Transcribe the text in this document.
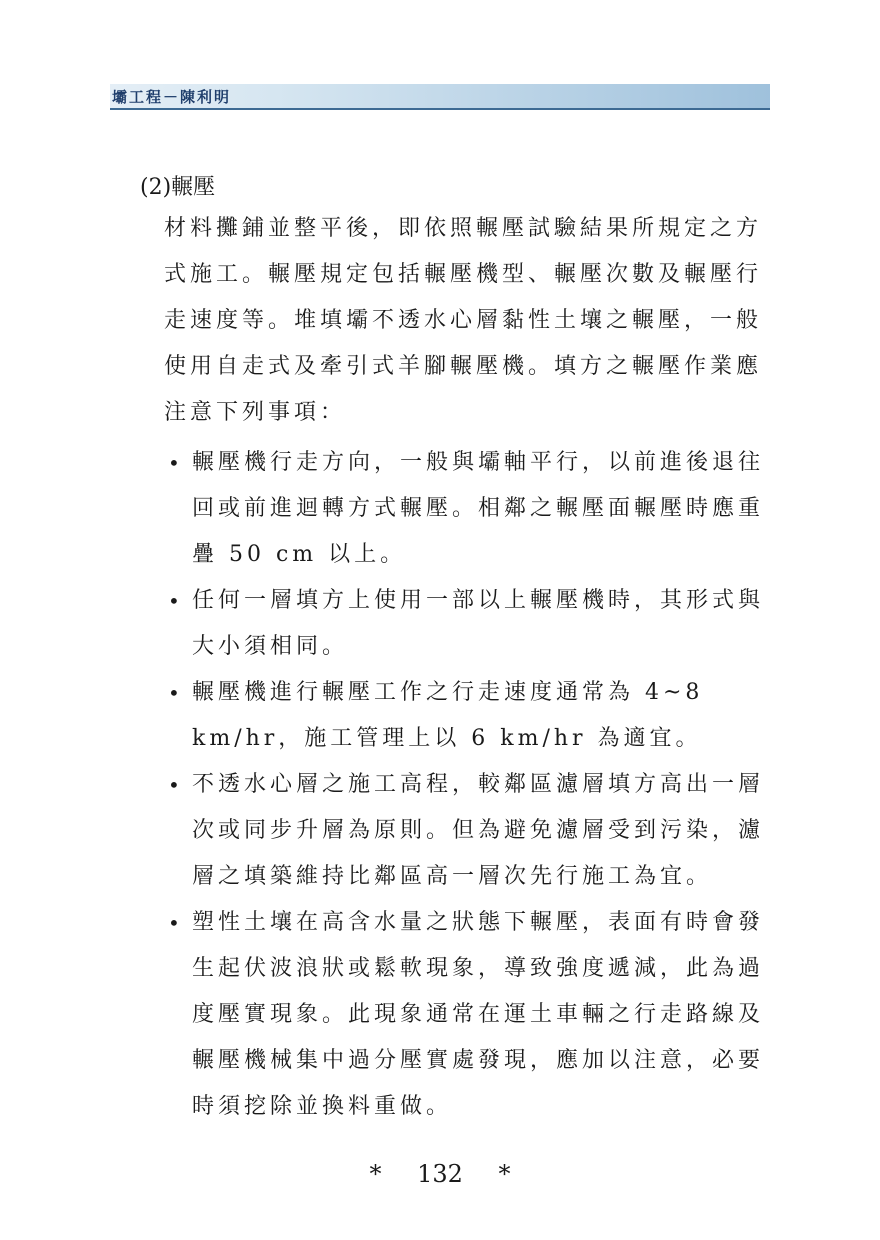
壩工程－陳利明
(2)輾壓
材料攤鋪並整平後，即依照輾壓試驗結果所規定之方式施工。輾壓規定包括輾壓機型、輾壓次數及輾壓行走速度等。堆填壩不透水心層黏性土壤之輾壓，一般使用自走式及牽引式羊腳輾壓機。填方之輾壓作業應注意下列事項：
• 輾壓機行走方向，一般與壩軸平行，以前進後退往回或前進迴轉方式輾壓。相鄰之輾壓面輾壓時應重疊 50 cm 以上。
• 任何一層填方上使用一部以上輾壓機時，其形式與大小須相同。
• 輾壓機進行輾壓工作之行走速度通常為 4~8 km/hr，施工管理上以 6 km/hr 為適宜。
• 不透水心層之施工高程，較鄰區濾層填方高出一層次或同步升層為原則。但為避免濾層受到污染，濾層之填築維持比鄰區高一層次先行施工為宜。
• 塑性土壤在高含水量之狀態下輾壓，表面有時會發生起伏波浪狀或鬆軟現象，導致強度遞減，此為過度壓實現象。此現象通常在運土車輛之行走路線及輾壓機械集中過分壓實處發現，應加以注意，必要時須挖除並換料重做。
* 132 *
